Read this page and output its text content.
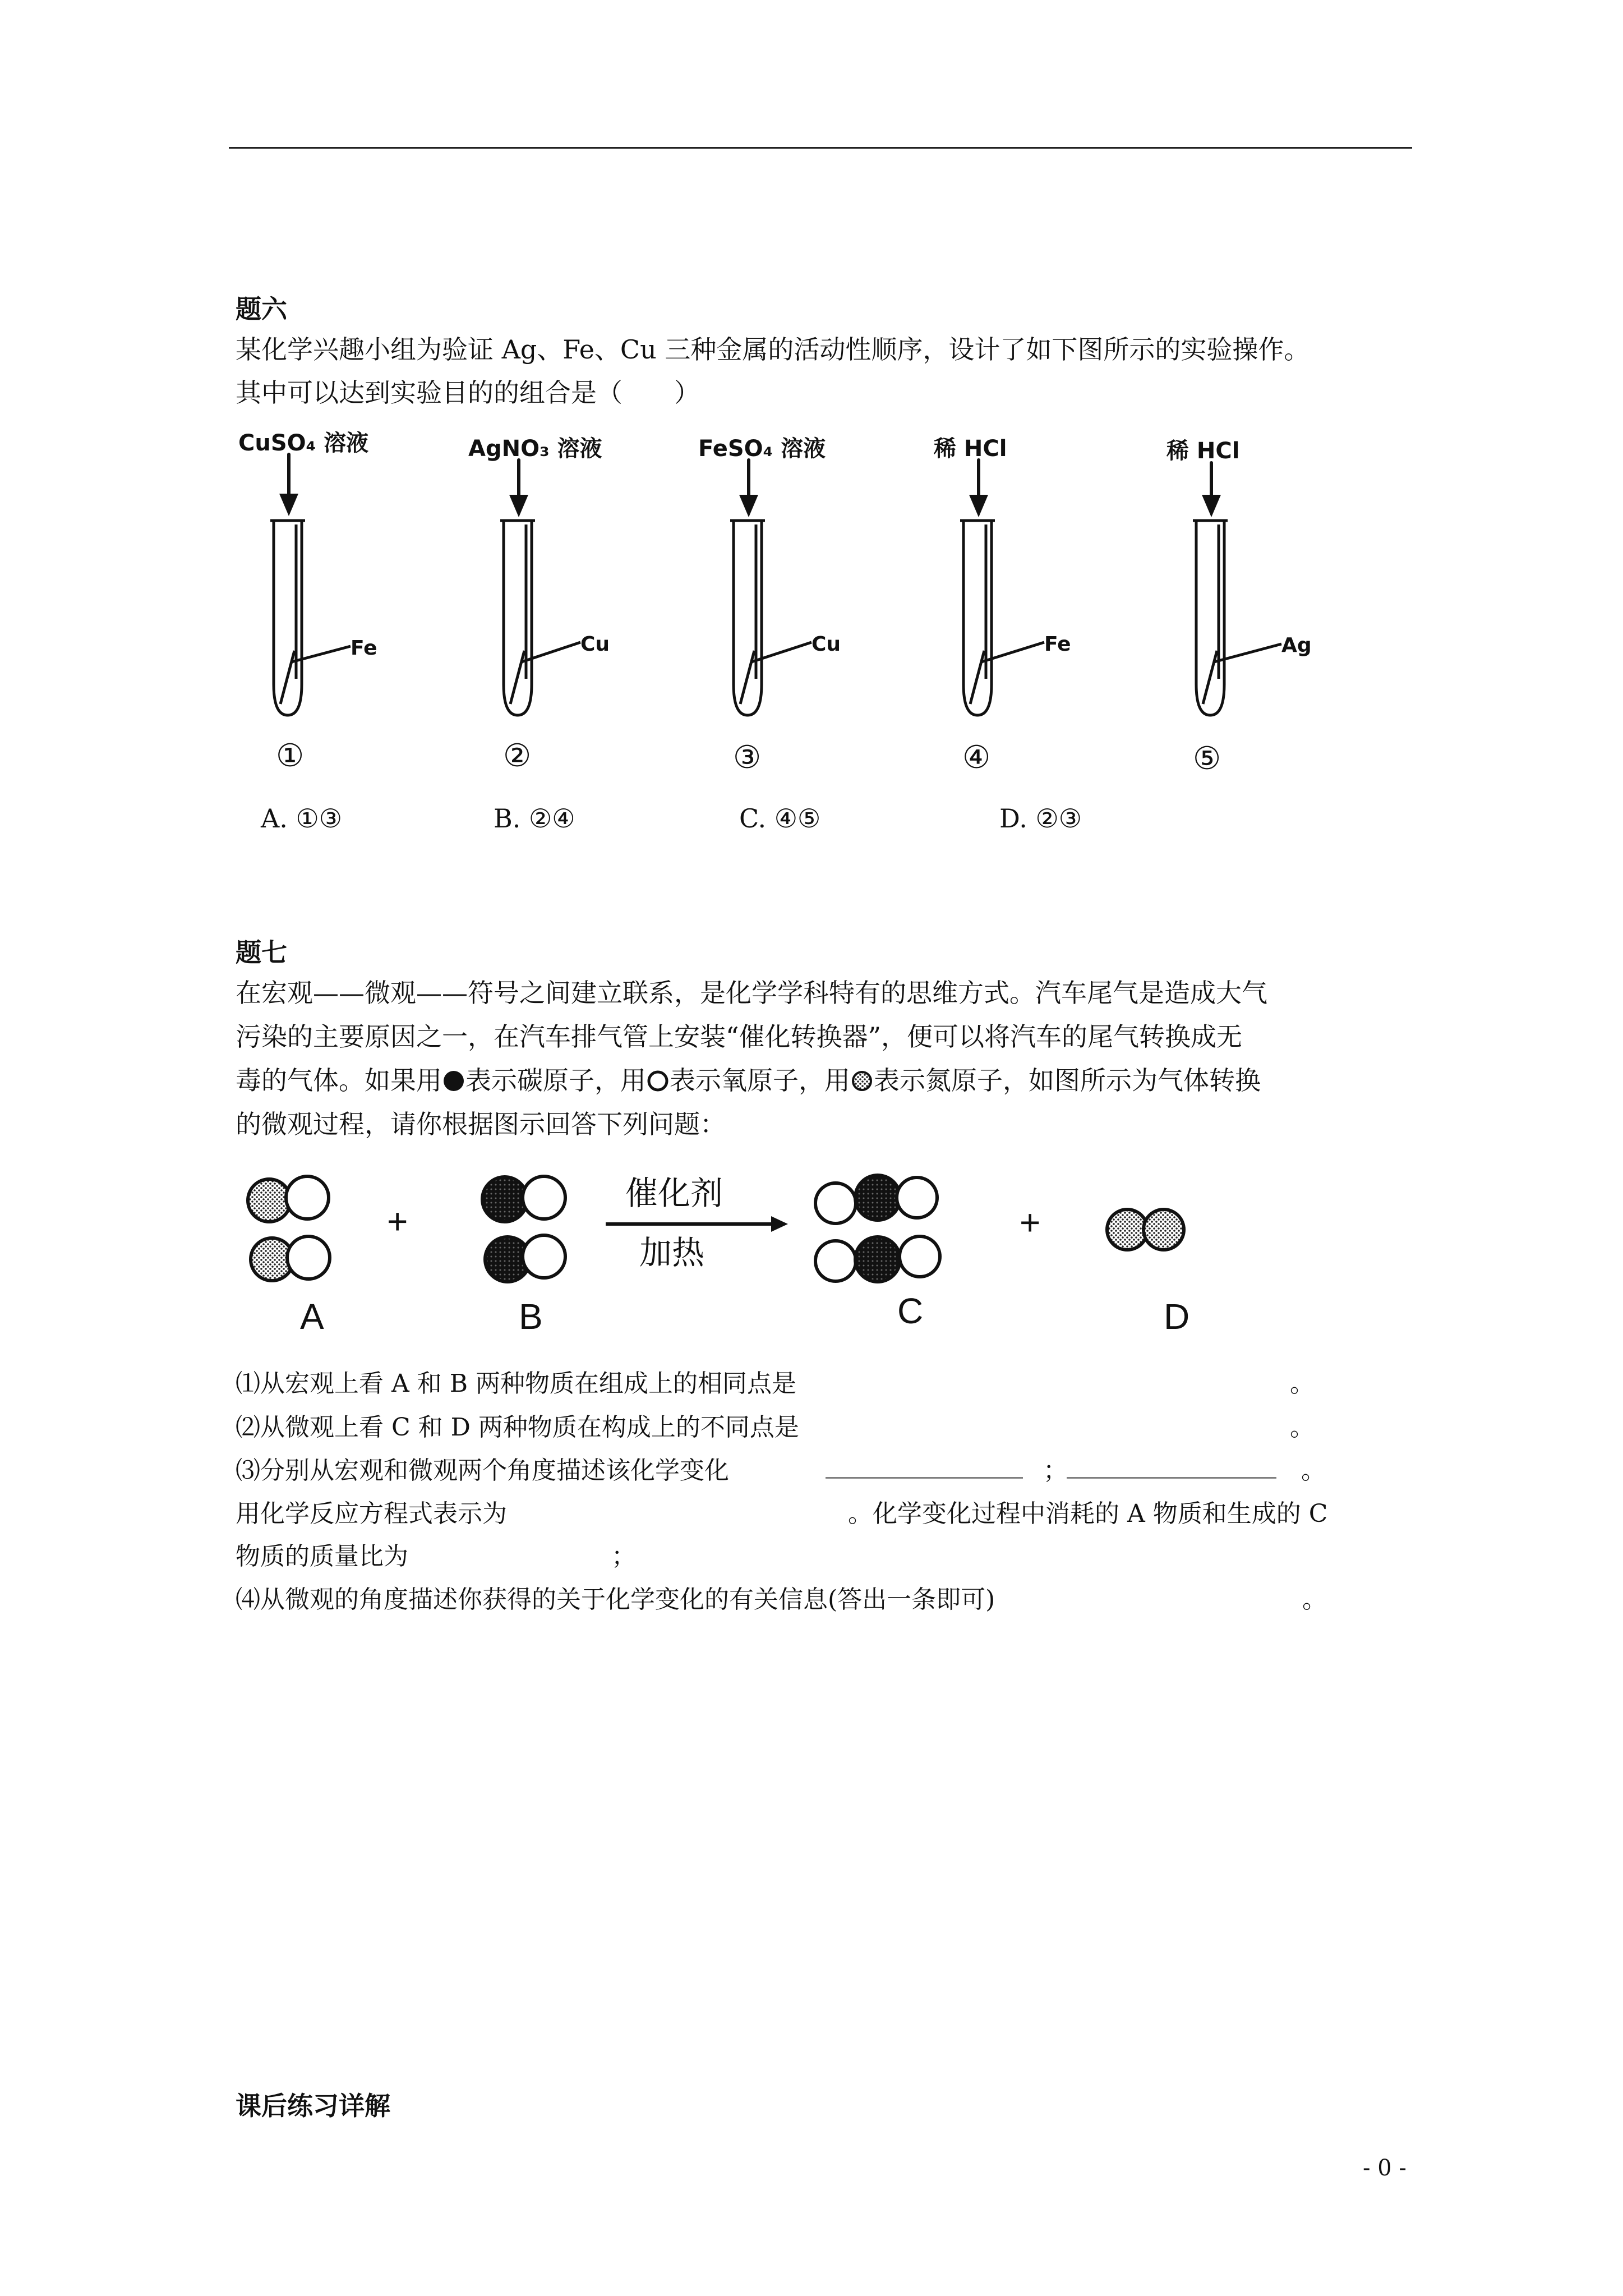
题六
某化学兴趣小组为验证 Ag、Fe、Cu 三种金属的活动性顺序，设计了如下图所示的实验操作。
其中可以达到实验目的的组合是（　　）
CuSO₄ 溶液
Fe
①
AgNO₃ 溶液
Cu
②
FeSO₄ 溶液
Cu
③
稀 HCl
Fe
④
稀 HCl
Ag
⑤
A. ①③	B. ②④	C. ④⑤	D. ②③
题七
在宏观——微观——符号之间建立联系，是化学学科特有的思维方式。汽车尾气是造成大气
污染的主要原因之一，在汽车排气管上安装“催化转换器”，便可以将汽车的尾气转换成无
毒的气体。如果用 表示碳原子，用 表示氧原子，用 表示氮原子，如图所示为气体转换
的微观过程，请你根据图示回答下列问题：
+	+
催化剂
加热
A	B	C	D
⑴从宏观上看 A 和 B 两种物质在组成上的相同点是	。
⑵从微观上看 C 和 D 两种物质在构成上的不同点是	。
⑶分别从宏观和微观两个角度描述该化学变化	________________ ；
_________________ 。
用化学反应方程式表示为	。化学变化过程中消耗的 A 物质和生成的 C
物质的质量比为	；
⑷从微观的角度描述你获得的关于化学变化的有关信息(答出一条即可)	。
课后练习详解
- 0 -
